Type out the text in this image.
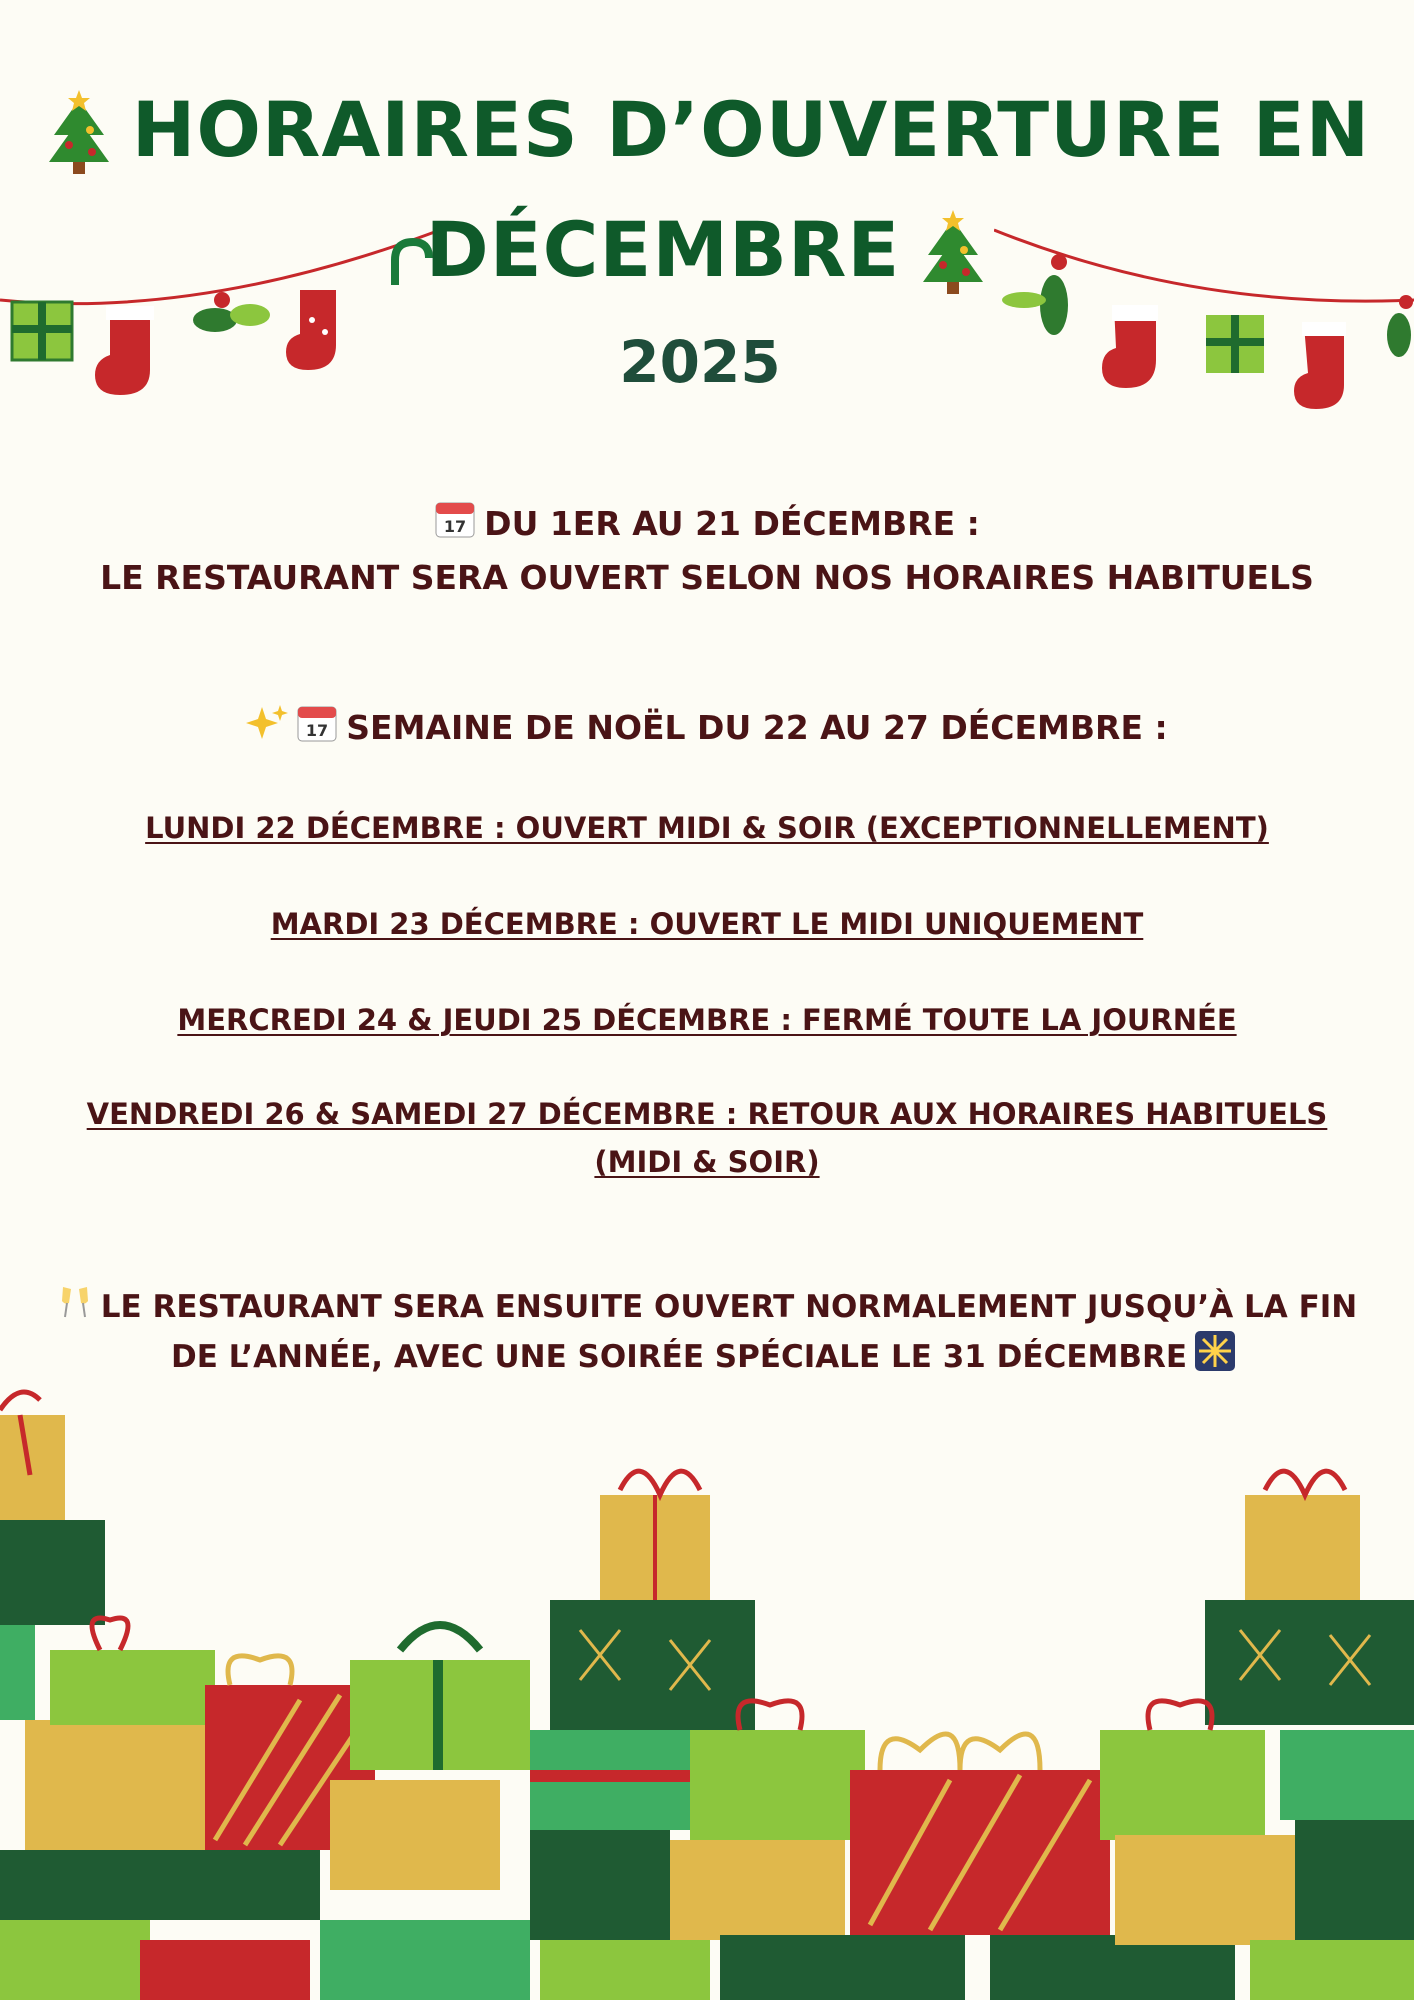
HORAIRES D’OUVERTURE EN
DÉCEMBRE
2025
17 DU 1ER AU 21 DÉCEMBRE :
LE RESTAURANT SERA OUVERT SELON NOS HORAIRES HABITUELS
17 SEMAINE DE NOËL DU 22 AU 27 DÉCEMBRE :
LUNDI 22 DÉCEMBRE : OUVERT MIDI & SOIR (EXCEPTIONNELLEMENT)
MARDI 23 DÉCEMBRE : OUVERT LE MIDI UNIQUEMENT
MERCREDI 24 & JEUDI 25 DÉCEMBRE : FERMÉ TOUTE LA JOURNÉE
VENDREDI 26 & SAMEDI 27 DÉCEMBRE : RETOUR AUX HORAIRES HABITUELS
(MIDI & SOIR)
LE RESTAURANT SERA ENSUITE OUVERT NORMALEMENT JUSQU’À LA FIN
DE L’ANNÉE, AVEC UNE SOIRÉE SPÉCIALE LE 31 DÉCEMBRE
